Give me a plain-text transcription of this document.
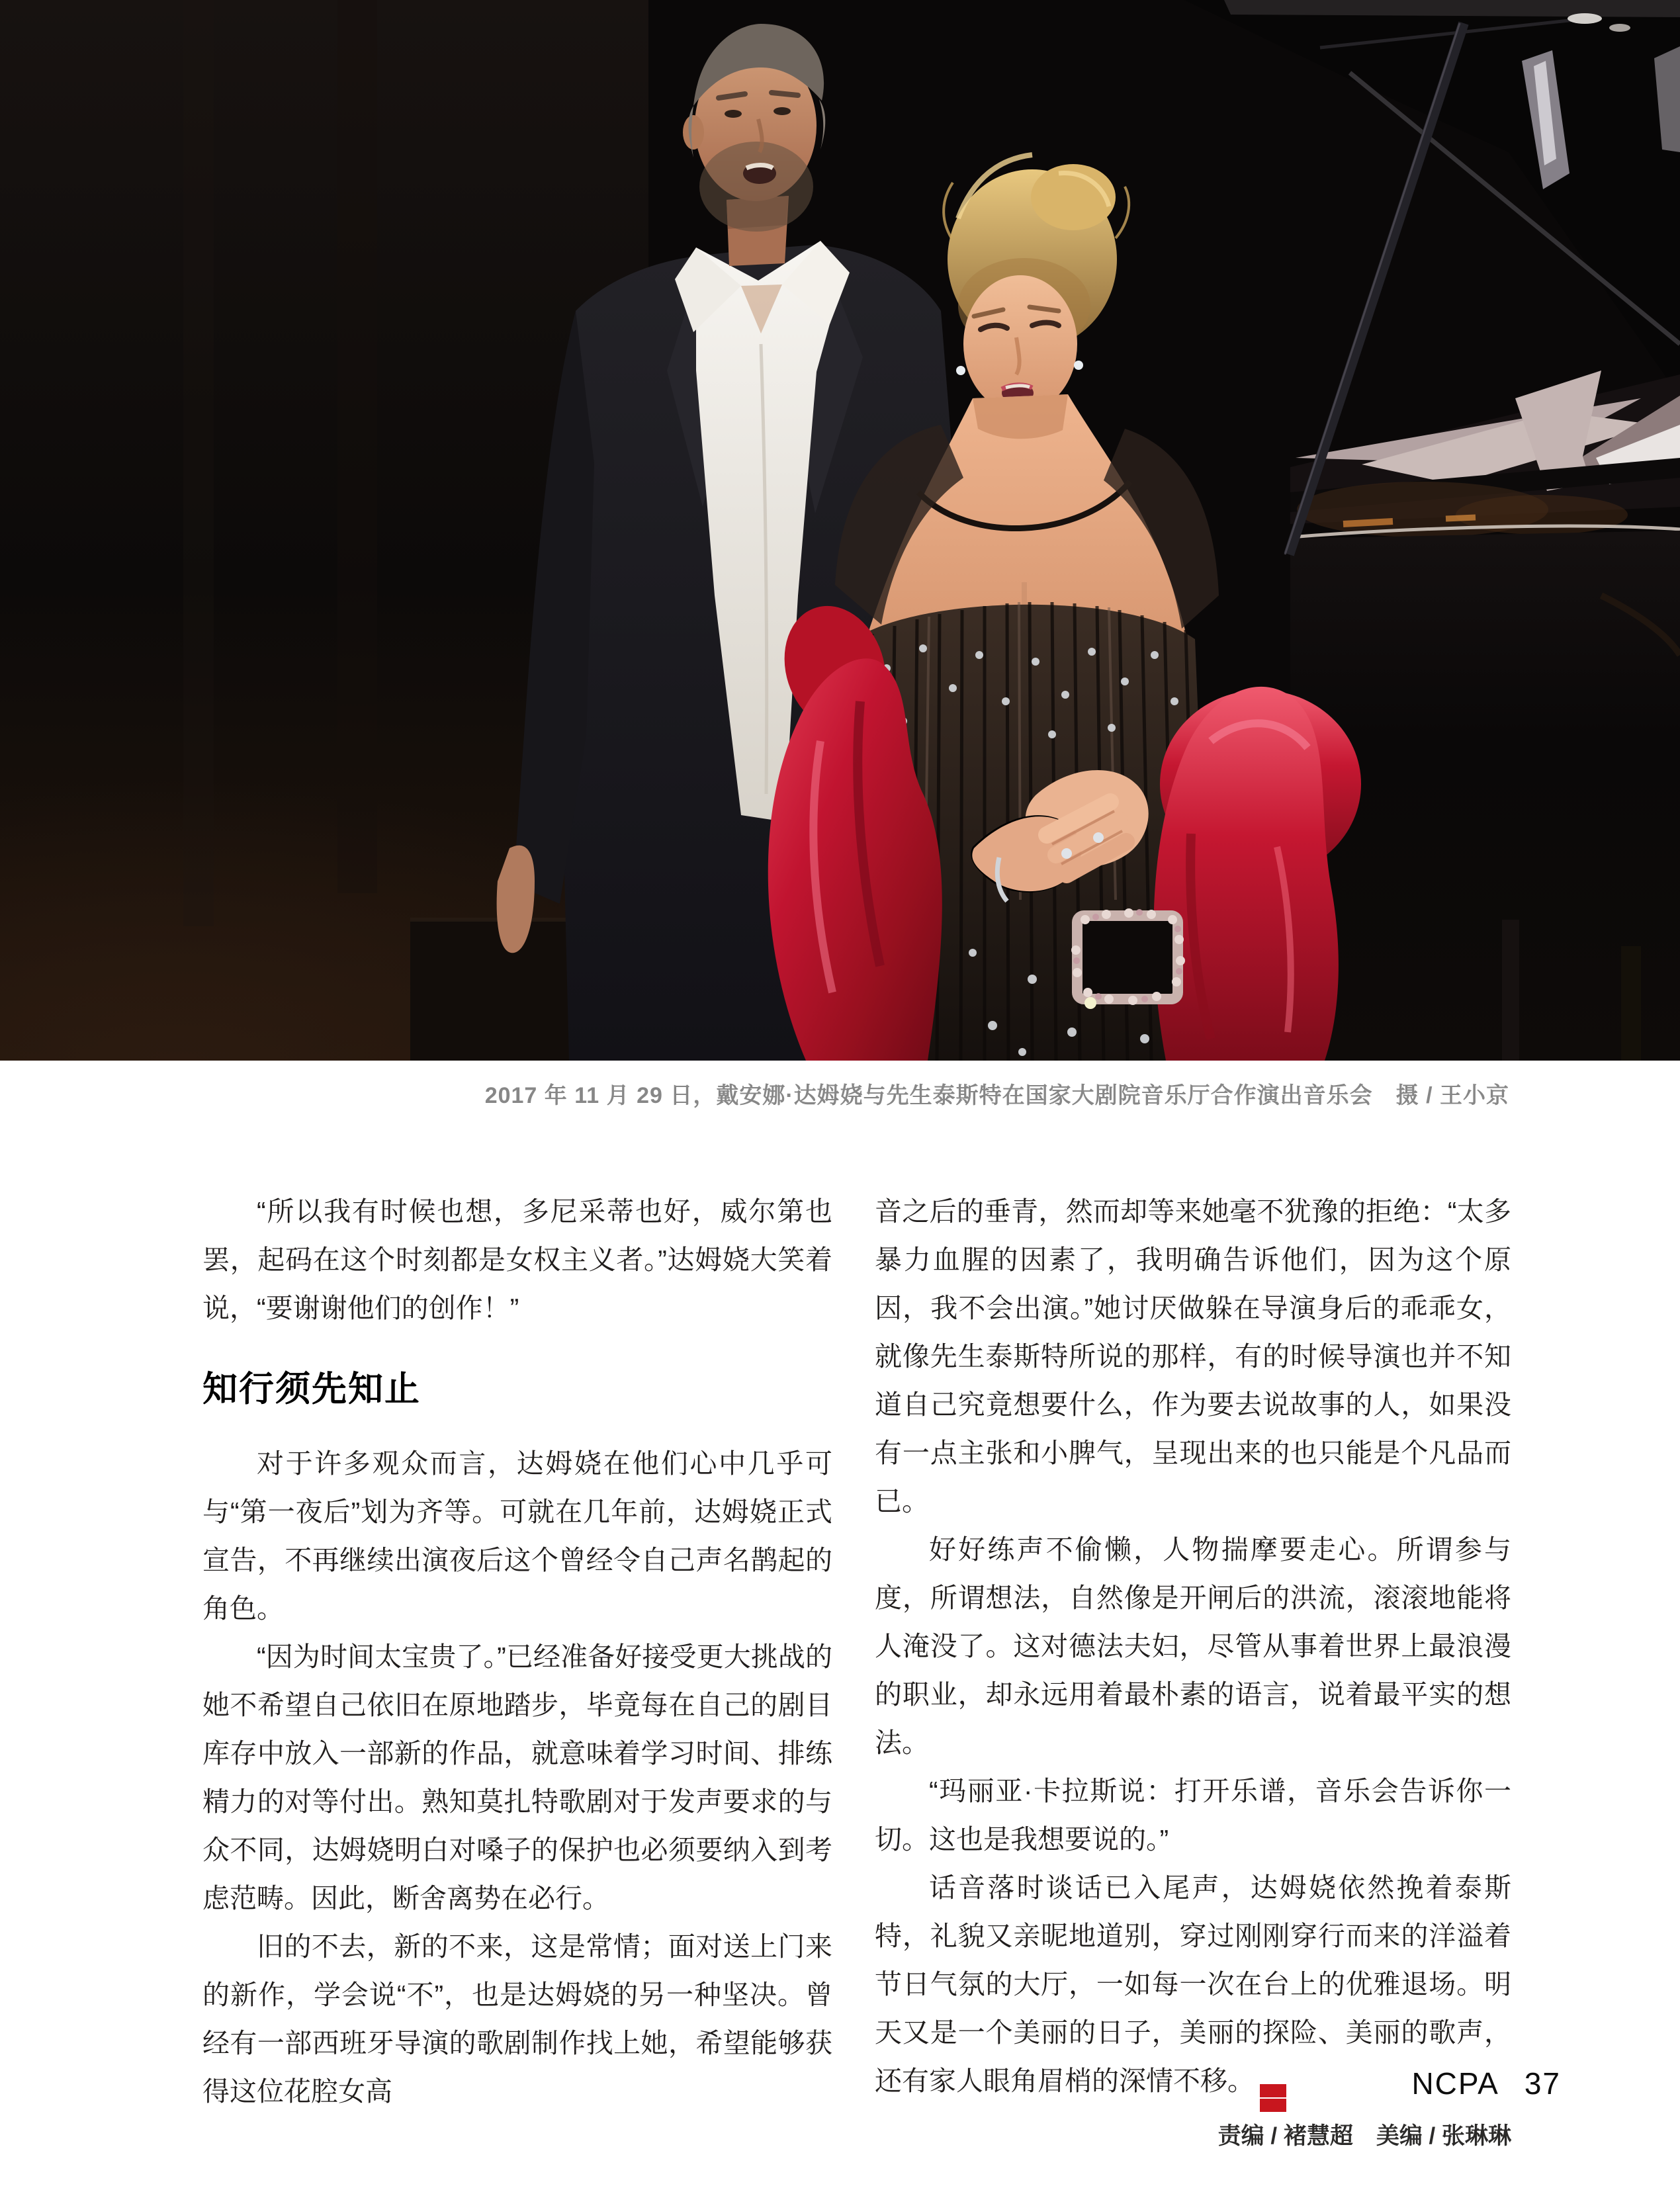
2017 年 11 月 29 日，戴安娜·达姆娆与先生泰斯特在国家大剧院音乐厅合作演出音乐会　摄 / 王小京

“所以我有时候也想，多尼采蒂也好，威尔第也罢，起码在这个时刻都是女权主义者。”达姆娆大笑着说，“要谢谢他们的创作！”

知行须先知止

对于许多观众而言，达姆娆在他们心中几乎可与“第一夜后”划为齐等。可就在几年前，达姆娆正式宣告，不再继续出演夜后这个曾经令自己声名鹊起的角色。

“因为时间太宝贵了。”已经准备好接受更大挑战的她不希望自己依旧在原地踏步，毕竟每在自己的剧目库存中放入一部新的作品，就意味着学习时间、排练精力的对等付出。熟知莫扎特歌剧对于发声要求的与众不同，达姆娆明白对嗓子的保护也必须要纳入到考虑范畴。因此，断舍离势在必行。

旧的不去，新的不来，这是常情；面对送上门来的新作，学会说“不”，也是达姆娆的另一种坚决。曾经有一部西班牙导演的歌剧制作找上她，希望能够获得这位花腔女高

音之后的垂青，然而却等来她毫不犹豫的拒绝：“太多暴力血腥的因素了，我明确告诉他们，因为这个原因，我不会出演。”她讨厌做躲在导演身后的乖乖女，就像先生泰斯特所说的那样，有的时候导演也并不知道自己究竟想要什么，作为要去说故事的人，如果没有一点主张和小脾气，呈现出来的也只能是个凡品而已。

好好练声不偷懒，人物揣摩要走心。所谓参与度，所谓想法，自然像是开闸后的洪流，滚滚地能将人淹没了。这对德法夫妇，尽管从事着世界上最浪漫的职业，却永远用着最朴素的语言，说着最平实的想法。

“玛丽亚·卡拉斯说：打开乐谱，音乐会告诉你一切。这也是我想要说的。”

话音落时谈话已入尾声，达姆娆依然挽着泰斯特，礼貌又亲昵地道别，穿过刚刚穿行而来的洋溢着节日气氛的大厅，一如每一次在台上的优雅退场。明天又是一个美丽的日子，美丽的探险、美丽的歌声，还有家人眼角眉梢的深情不移。
$\frac{NC}{PA}$

责编 / 褚慧超　美编 / 张琳琳

NCPA 37
